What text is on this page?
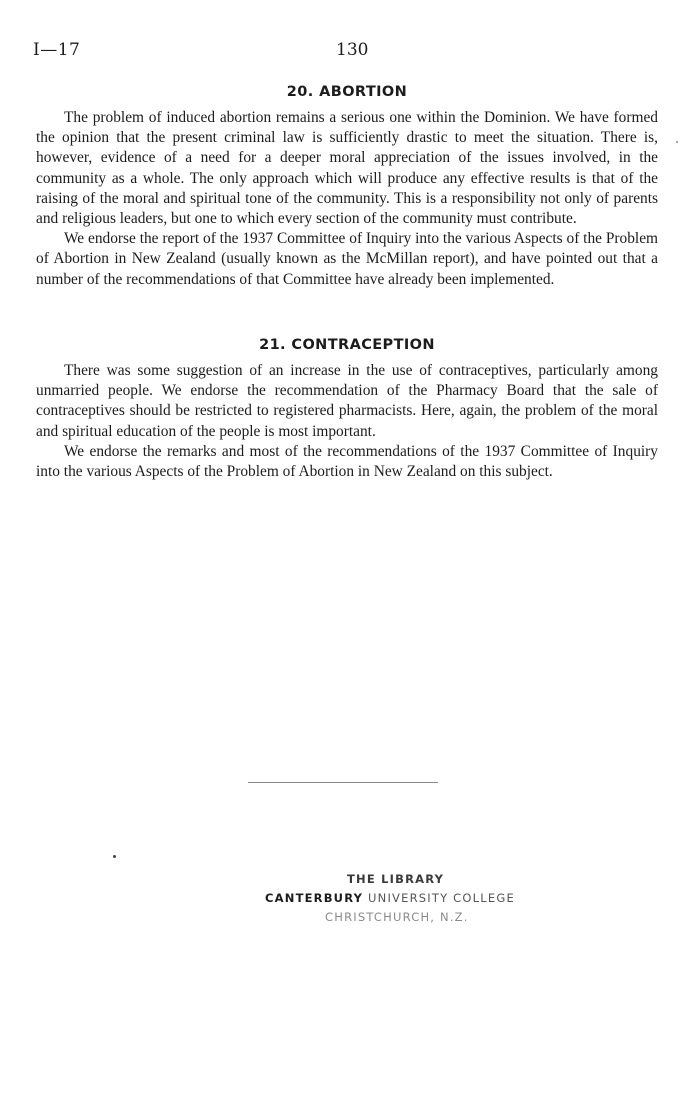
I—17	130
20. ABORTION

The problem of induced abortion remains a serious one within the Dominion. We have formed the opinion that the present criminal law is sufficiently drastic to meet the situation. There is, however, evidence of a need for a deeper moral appreciation of the issues involved, in the community as a whole. The only approach which will produce any effective results is that of the raising of the moral and spiritual tone of the community. This is a responsibility not only of parents and religious leaders, but one to which every section of the community must contribute.

We endorse the report of the 1937 Committee of Inquiry into the various Aspects of the Problem of Abortion in New Zealand (usually known as the McMillan report), and have pointed out that a number of the recommendations of that Committee have already been implemented.

21. CONTRACEPTION

There was some suggestion of an increase in the use of contraceptives, particularly among unmarried people. We endorse the recommendation of the Pharmacy Board that the sale of contraceptives should be restricted to registered pharmacists. Here, again, the problem of the moral and spiritual education of the people is most important.

We endorse the remarks and most of the recommendations of the 1937 Committee of Inquiry into the various Aspects of the Problem of Abortion in New Zealand on this subject.

THE LIBRARY
CANTERBURY UNIVERSITY COLLEGE
CHRISTCHURCH, N.Z.
